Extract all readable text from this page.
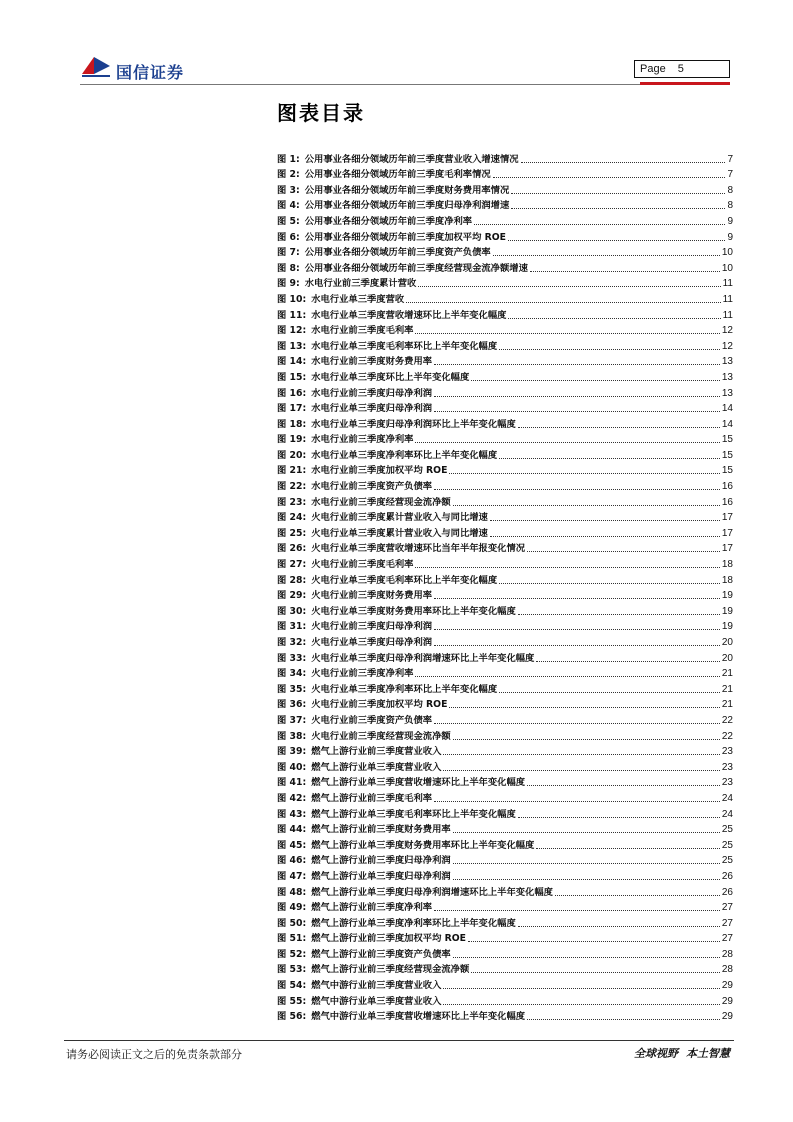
国信证券	Page 5
图表目录
图 1: 公用事业各细分领域历年前三季度营业收入增速情况	7
图 2: 公用事业各细分领域历年前三季度毛利率情况	7
图 3: 公用事业各细分领域历年前三季度财务费用率情况	8
图 4: 公用事业各细分领域历年前三季度归母净利润增速	8
图 5: 公用事业各细分领域历年前三季度净利率	9
图 6: 公用事业各细分领域历年前三季度加权平均 ROE	9
图 7: 公用事业各细分领域历年前三季度资产负债率	10
图 8: 公用事业各细分领域历年前三季度经营现金流净额增速	10
图 9: 水电行业前三季度累计营收	11
图 10: 水电行业单三季度营收	11
图 11: 水电行业单三季度营收增速环比上半年变化幅度	11
图 12: 水电行业前三季度毛利率	12
图 13: 水电行业单三季度毛利率环比上半年变化幅度	12
图 14: 水电行业前三季度财务费用率	13
图 15: 水电行业单三季度环比上半年变化幅度	13
图 16: 水电行业前三季度归母净利润	13
图 17: 水电行业单三季度归母净利润	14
图 18: 水电行业单三季度归母净利润环比上半年变化幅度	14
图 19: 水电行业前三季度净利率	15
图 20: 水电行业单三季度净利率环比上半年变化幅度	15
图 21: 水电行业前三季度加权平均 ROE	15
图 22: 水电行业前三季度资产负债率	16
图 23: 水电行业前三季度经营现金流净额	16
图 24: 火电行业前三季度累计营业收入与同比增速	17
图 25: 火电行业单三季度累计营业收入与同比增速	17
图 26: 火电行业单三季度营收增速环比当年半年报变化情况	17
图 27: 火电行业前三季度毛利率	18
图 28: 火电行业单三季度毛利率环比上半年变化幅度	18
图 29: 火电行业前三季度财务费用率	19
图 30: 火电行业单三季度财务费用率环比上半年变化幅度	19
图 31: 火电行业前三季度归母净利润	19
图 32: 火电行业单三季度归母净利润	20
图 33: 火电行业单三季度归母净利润增速环比上半年变化幅度	20
图 34: 火电行业前三季度净利率	21
图 35: 火电行业单三季度净利率环比上半年变化幅度	21
图 36: 火电行业前三季度加权平均 ROE	21
图 37: 火电行业前三季度资产负债率	22
图 38: 火电行业前三季度经营现金流净额	22
图 39: 燃气上游行业前三季度营业收入	23
图 40: 燃气上游行业单三季度营业收入	23
图 41: 燃气上游行业单三季度营收增速环比上半年变化幅度	23
图 42: 燃气上游行业前三季度毛利率	24
图 43: 燃气上游行业单三季度毛利率环比上半年变化幅度	24
图 44: 燃气上游行业前三季度财务费用率	25
图 45: 燃气上游行业单三季度财务费用率环比上半年变化幅度	25
图 46: 燃气上游行业前三季度归母净利润	25
图 47: 燃气上游行业单三季度归母净利润	26
图 48: 燃气上游行业单三季度归母净利润增速环比上半年变化幅度	26
图 49: 燃气上游行业前三季度净利率	27
图 50: 燃气上游行业单三季度净利率环比上半年变化幅度	27
图 51: 燃气上游行业前三季度加权平均 ROE	27
图 52: 燃气上游行业前三季度资产负债率	28
图 53: 燃气上游行业前三季度经营现金流净额	28
图 54: 燃气中游行业前三季度营业收入	29
图 55: 燃气中游行业单三季度营业收入	29
图 56: 燃气中游行业单三季度营收增速环比上半年变化幅度	29
请务必阅读正文之后的免责条款部分	全球视野 本土智慧
